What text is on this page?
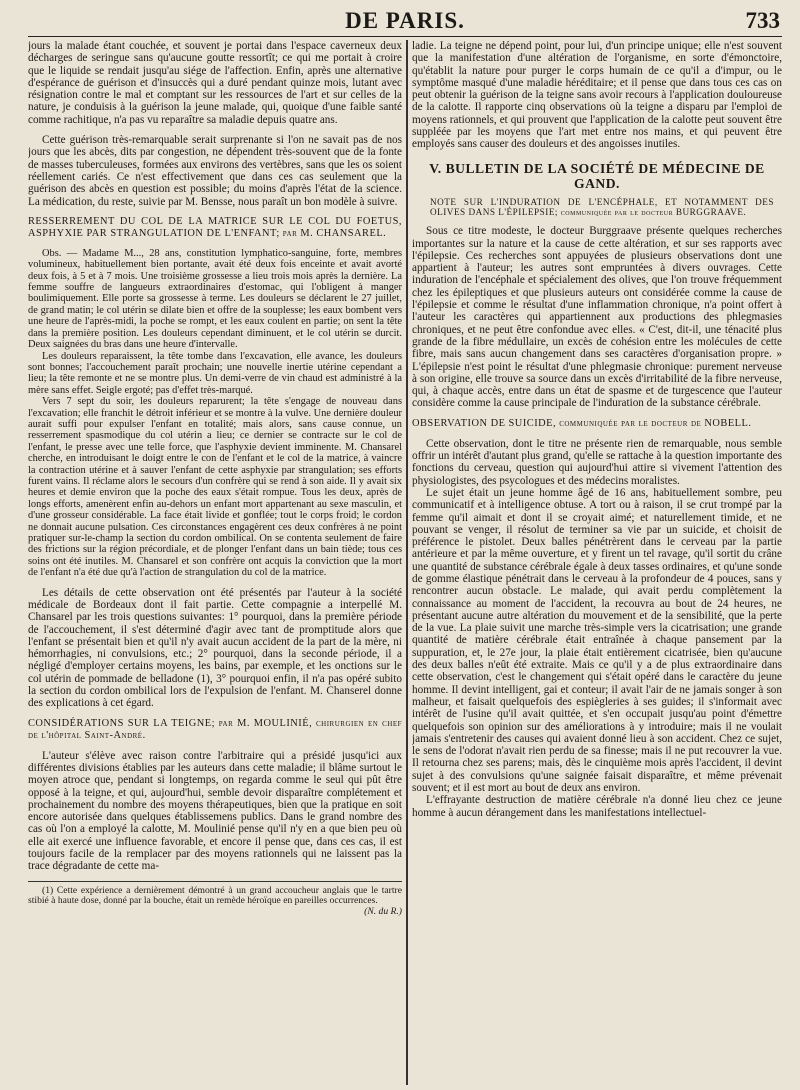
DE PARIS.	733

jours la malade étant couchée, et souvent je portai dans l'espace caverneux deux décharges de seringue sans qu'aucune goutte ressortît; ce qui me portait à croire que le liquide se rendait jusqu'au siége de l'affection. Enfin, après une alternative d'espérance de guérison et d'insuccès qui a duré pendant quinze mois, lutant avec résignation contre le mal et comptant sur les ressources de l'art et sur celles de la nature, je conduisis à la guérison la jeune malade, qui, quoique d'une faible santé comme rachitique, n'a pas vu reparaître sa maladie depuis quatre ans.

Cette guérison très-remarquable serait surprenante si l'on ne savait pas de nos jours que les abcès, dits par congestion, ne dépendent très-souvent que de la fonte de masses tuberculeuses, formées aux environs des vertèbres, sans que les os soient réellement cariés. Ce n'est effectivement que dans ces cas seulement que la guérison des abcès en question est possible; du moins d'après l'état de la science. La médication, du reste, suivie par M. Bensse, nous paraît un bon modèle à suivre.

RESSERREMENT DU COL DE LA MATRICE SUR LE COL DU FOETUS, ASPHYXIE PAR STRANGULATION DE L'ENFANT; par M. CHANSAREL.

Obs. — Madame M..., 28 ans, constitution lymphatico-sanguine, forte, membres volumineux, habituellement bien portante, avait été deux fois enceinte et avait avorté deux fois, à 5 et à 7 mois. Une troisième grossesse a lieu trois mois après la dernière. La femme souffre de langueurs extraordinaires d'estomac, qui l'obligent à manger boulimiquement. Elle porte sa grossesse à terme. Les douleurs se déclarent le 27 juillet, de grand matin; le col utérin se dilate bien et offre de la souplesse; les eaux bombent vers une heure de l'après-midi, la poche se rompt, et les eaux coulent en partie; on sent la tête dans la première position. Les douleurs cependant diminuent, et le col utérin se durcit. Deux saignées du bras dans une heure d'intervalle.

Les douleurs reparaissent, la tête tombe dans l'excavation, elle avance, les douleurs sont bonnes; l'accouchement paraît prochain; une nouvelle inertie utérine cependant a lieu; la tête remonte et ne se montre plus. Un demi-verre de vin chaud est administré à la mère sans effet. Seigle ergoté; pas d'effet très-marqué.

Vers 7 sept du soir, les douleurs reparurent; la tête s'engage de nouveau dans l'excavation; elle franchit le détroit inférieur et se montre à la vulve. Une dernière douleur aurait suffi pour expulser l'enfant en totalité; mais alors, sans cause connue, un resserrement spasmodique du col utérin a lieu; ce dernier se contracte sur le col de l'enfant, le presse avec une telle force, que l'asphyxie devient imminente. M. Chansarel cherche, en introduisant le doigt entre le con de l'enfant et le col de la matrice, à vaincre la contraction utérine et à sauver l'enfant de cette asphyxie par strangulation; ses efforts furent vains. Il réclame alors le secours d'un confrère qui se rend à son aide. Il y avait six heures et demie environ que la poche des eaux s'était rompue. Tous les deux, après de longs efforts, amenèrent enfin au-dehors un enfant mort appartenant au sexe masculin, et d'une grosseur considérable. La face était livide et gonflée; tout le corps froid; le cordon ne donnait aucune pulsation. Ces circonstances engagèrent ces deux confrères à ne point pratiquer sur-le-champ la section du cordon ombilical. On se contenta seulement de faire des frictions sur la région précordiale, et de plonger l'enfant dans un bain tiède; tous ces soins ont été inutiles. M. Chansarel et son confrère ont acquis la conviction que la mort de l'enfant n'a été due qu'à l'action de strangulation du col de la matrice.

Les détails de cette observation ont été présentés par l'auteur à la société médicale de Bordeaux dont il fait partie. Cette compagnie a interpellé M. Chansarel par les trois questions suivantes: 1° pourquoi, dans la première période de l'accouchement, il s'est déterminé d'agir avec tant de promptitude alors que l'enfant se présentait bien et qu'il n'y avait aucun accident de la part de la mère, ni hémorrhagies, ni convulsions, etc.; 2° pourquoi, dans la seconde période, il a négligé d'employer certains moyens, les bains, par exemple, et les onctions sur le col utérin de pommade de belladone (1), 3° pourquoi enfin, il n'a pas opéré subito la section du cordon ombilical lors de l'expulsion de l'enfant. M. Chanserel donne des explications à cet égard.

CONSIDÉRATIONS SUR LA TEIGNE; par M. MOULINIÉ, chirurgien en chef de l'hôpital Saint-André.

L'auteur s'élève avec raison contre l'arbitraire qui a présidé jusqu'ici aux différentes divisions établies par les auteurs dans cette maladie; il blâme surtout le moyen atroce que, pendant si longtemps, on regarda comme le seul qui pût être opposé à la teigne, et qui, aujourd'hui, semble devoir disparaître complétement et prochainement du nombre des moyens thérapeutiques, bien que la pratique en soit encore autorisée dans quelques établissemens publics. Dans le grand nombre des cas où l'on a employé la calotte, M. Moulinié pense qu'il n'y en a que bien peu où elle ait exercé une influence favorable, et encore il pense que, dans ces cas, il est toujours facile de la remplacer par des moyens rationnels qui ne laissent pas la trace dégradante de cette ma-

(1) Cette expérience a dernièrement démontré à un grand accoucheur anglais que le tartre stibié à haute dose, donné par la bouche, était un remède héroïque en pareilles occurrences.

(N. du R.)

ladie. La teigne ne dépend point, pour lui, d'un principe unique; elle n'est souvent que la manifestation d'une altération de l'organisme, en sorte d'émonctoire, qu'établit la nature pour purger le corps humain de ce qu'il a d'impur, ou le symptôme masqué d'une maladie héréditaire; et il pense que dans tous ces cas on peut obtenir la guérison de la teigne sans avoir recours à l'application douloureuse de la calotte. Il rapporte cinq observations où la teigne a disparu par l'emploi de moyens rationnels, et qui prouvent que l'application de la calotte peut souvent être suppléée par les moyens que l'art met entre nos mains, et qui peuvent être employés sans causer des douleurs et des angoisses inutiles.

V. BULLETIN DE LA SOCIÉTÉ DE MÉDECINE DE GAND.

NOTE SUR L'INDURATION DE L'ENCÉPHALE, ET NOTAMMENT DES OLIVES DANS L'ÉPILEPSIE; communiquée par le docteur BURGGRAAVE.

Sous ce titre modeste, le docteur Burggraave présente quelques recherches importantes sur la nature et la cause de cette altération, et sur ses rapports avec l'épilepsie. Ces recherches sont appuyées de plusieurs observations dont une appartient à l'auteur; les autres sont empruntées à divers ouvrages. Cette induration de l'encéphale et spécialement des olives, que l'on trouve fréquemment chez les épileptiques et que plusieurs auteurs ont considérée comme la cause de l'épilepsie et comme le résultat d'une inflammation chronique, n'a point offert à l'auteur les caractères qui appartiennent aux productions des phlegmasies chroniques, et ne peut être confondue avec elles. « C'est, dit-il, une ténacité plus grande de la fibre médullaire, un excès de cohésion entre les molécules de cette fibre, mais sans aucun changement dans ses caractères d'organisation propre. » L'épilepsie n'est point le résultat d'une phlegmasie chronique: purement nerveuse à son origine, elle trouve sa source dans un excès d'irritabilité de la fibre nerveuse, qui, à chaque accès, entre dans un état de spasme et de turgescence que l'auteur considère comme la cause principale de l'induration de la substance cérébrale.

OBSERVATION DE SUICIDE, communiquée par le docteur de NOBELL.

Cette observation, dont le titre ne présente rien de remarquable, nous semble offrir un intérêt d'autant plus grand, qu'elle se rattache à la question importante des fonctions du cerveau, question qui aujourd'hui attire si vivement l'attention des physiologistes, des psycologues et des médecins moralistes.

Le sujet était un jeune homme âgé de 16 ans, habituellement sombre, peu communicatif et à intelligence obtuse. A tort ou à raison, il se crut trompé par la femme qu'il aimait et dont il se croyait aimé; et naturellement timide, et ne pouvant se venger, il résolut de terminer sa vie par un suicide, et choisit de préférence le pistolet. Deux balles pénétrèrent dans le cerveau par la partie antérieure et par la même ouverture, et y firent un tel ravage, qu'il sortit du crâne une quantité de substance cérébrale égale à deux tasses ordinaires, et qu'une sonde de gomme élastique pénétrait dans le cerveau à la profondeur de 4 pouces, sans y rencontrer aucun obstacle. Le malade, qui avait perdu complètement la connaissance au moment de l'accident, la recouvra au bout de 24 heures, ne présentant aucune autre altération du mouvement et de la sensibilité, que la perte de la vue. La plaie suivit une marche très-simple vers la cicatrisation; une grande quantité de matière cérébrale était entraînée à chaque pansement par la suppuration, et, le 27e jour, la plaie était entièrement cicatrisée, bien qu'aucune des deux balles n'eût été extraite. Mais ce qu'il y a de plus extraordinaire dans cette observation, c'est le changement qui s'était opéré dans le caractère du jeune homme. Il devint intelligent, gai et conteur; il avait l'air de ne jamais songer à son malheur, et faisait quelquefois des espiègleries à ses guides; il s'informait avec intérêt de l'usine qu'il avait quittée, et s'en occupait jusqu'au point d'émettre quelquefois son opinion sur des améliorations à y introduire; mais il ne voulait jamais s'entretenir des causes qui avaient donné lieu à son accident. Chez ce sujet, le sens de l'odorat n'avait rien perdu de sa finesse; mais il ne put recouvrer la vue. Il retourna chez ses parens; mais, dès le cinquième mois après l'accident, il devint sujet à des convulsions qu'une saignée faisait disparaître, et même prévenait souvent; et il est mort au bout de deux ans environ.

L'effrayante destruction de matière cérébrale n'a donné lieu chez ce jeune homme à aucun dérangement dans les manifestations intellectuel-
